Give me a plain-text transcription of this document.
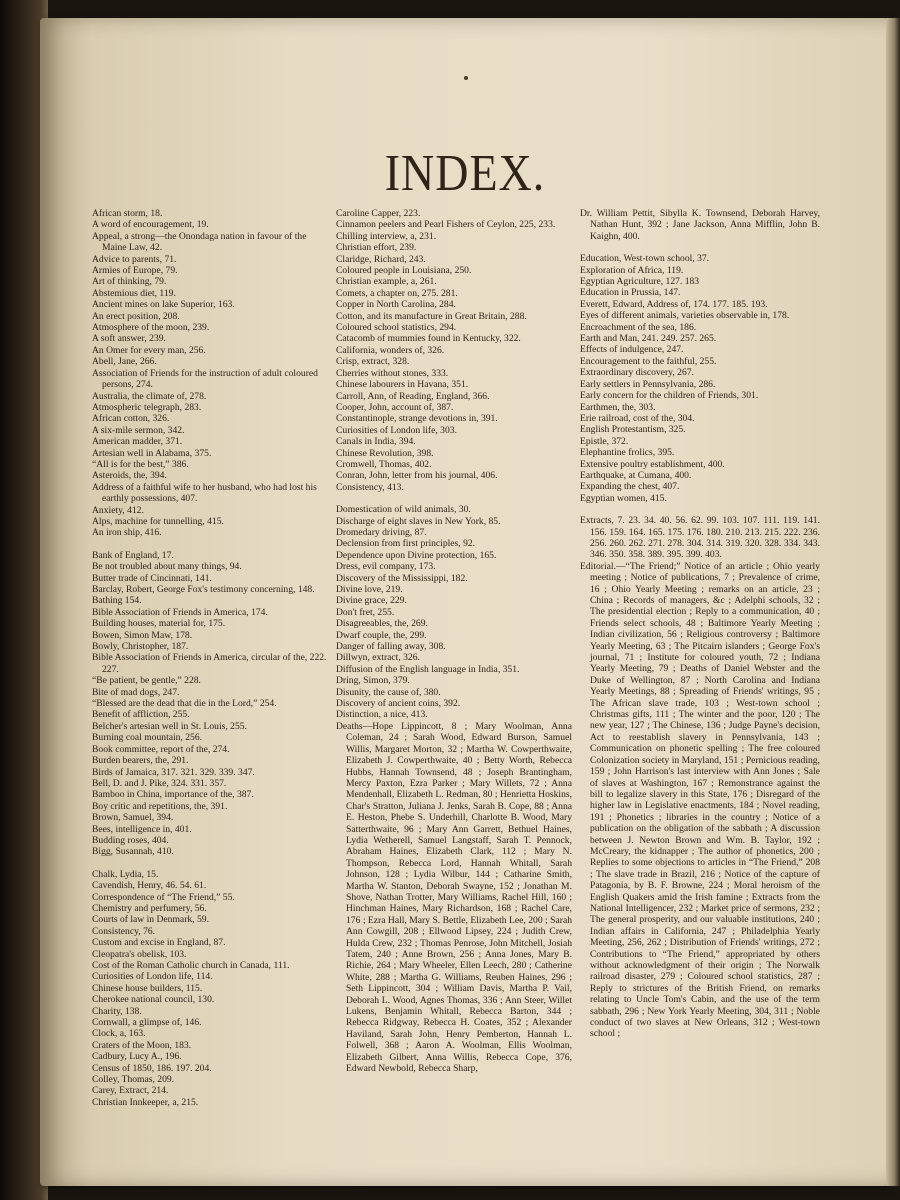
INDEX.

African storm, 18.

A word of encouragement, 19.

Appeal, a strong—the Onondaga nation in favour of the Maine Law, 42.

Advice to parents, 71.

Armies of Europe, 79.

Art of thinking, 79.

Abstemious diet, 119.

Ancient mines on lake Superior, 163.

An erect position, 208.

Atmosphere of the moon, 239.

A soft answer, 239.

An Omer for every man, 256.

Abell, Jane, 266.

Association of Friends for the instruction of adult coloured persons, 274.

Australia, the climate of, 278.

Atmospheric telegraph, 283.

African cotton, 326.

A six-mile sermon, 342.

American madder, 371.

Artesian well in Alabama, 375.

“All is for the best,” 386.

Asteroids, the, 394.

Address of a faithful wife to her husband, who had lost his earthly possessions, 407.

Anxiety, 412.

Alps, machine for tunnelling, 415.

An iron ship, 416.

Bank of England, 17.

Be not troubled about many things, 94.

Butter trade of Cincinnati, 141.

Barclay, Robert, George Fox's testimony concerning, 148.

Bathing 154.

Bible Association of Friends in America, 174.

Building houses, material for, 175.

Bowen, Simon Maw, 178.

Bowly, Christopher, 187.

Bible Association of Friends in America, circular of the, 222. 227.

“Be patient, be gentle,” 228.

Bite of mad dogs, 247.

“Blessed are the dead that die in the Lord,” 254.

Benefit of affliction, 255.

Belcher's artesian well in St. Louis, 255.

Burning coal mountain, 256.

Book committee, report of the, 274.

Burden bearers, the, 291.

Birds of Jamaica, 317. 321. 329. 339. 347.

Bell, D. and J. Pike, 324. 331. 357.

Bamboo in China, importance of the, 387.

Boy critic and repetitions, the, 391.

Brown, Samuel, 394.

Bees, intelligence in, 401.

Budding roses, 404.

Bigg, Susannah, 410.

Chalk, Lydia, 15.

Cavendish, Henry, 46. 54. 61.

Correspondence of “The Friend,” 55.

Chemistry and perfumery, 56.

Courts of law in Denmark, 59.

Consistency, 76.

Custom and excise in England, 87.

Cleopatra's obelisk, 103.

Cost of the Roman Catholic church in Canada, 111.

Curiosities of London life, 114.

Chinese house builders, 115.

Cherokee national council, 130.

Charity, 138.

Cornwall, a glimpse of, 146.

Clock, a, 163.

Craters of the Moon, 183.

Cadbury, Lucy A., 196.

Census of 1850, 186. 197. 204.

Colley, Thomas, 209.

Carey, Extract, 214.

Christian Innkeeper, a, 215.

Caroline Capper, 223.

Cinnamon peelers and Pearl Fishers of Ceylon, 225, 233.

Chilling interview, a, 231.

Christian effort, 239.

Claridge, Richard, 243.

Coloured people in Louisiana, 250.

Christian example, a, 261.

Comets, a chapter on, 275. 281.

Copper in North Carolina, 284.

Cotton, and its manufacture in Great Britain, 288.

Coloured school statistics, 294.

Catacomb of mummies found in Kentucky, 322.

California, wonders of, 326.

Crisp, extract, 328.

Cherries without stones, 333.

Chinese labourers in Havana, 351.

Carroll, Ann, of Reading, England, 366.

Cooper, John, account of, 387.

Constantinople, strange devotions in, 391.

Curiosities of London life, 303.

Canals in India, 394.

Chinese Revolution, 398.

Cromwell, Thomas, 402.

Conran, John, letter from his journal, 406.

Consistency, 413.

Domestication of wild animals, 30.

Discharge of eight slaves in New York, 85.

Dromedary driving, 87.

Declension from first principles, 92.

Dependence upon Divine protection, 165.

Dress, evil company, 173.

Discovery of the Mississippi, 182.

Divine love, 219.

Divine grace, 229.

Don't fret, 255.

Disagreeables, the, 269.

Dwarf couple, the, 299.

Danger of falling away, 308.

Dillwyn, extract, 326.

Diffusion of the English language in India, 351.

Dring, Simon, 379.

Disunity, the cause of, 380.

Discovery of ancient coins, 392.

Distinction, a nice, 413.

Deaths—Hope Lippincott, 8 ; Mary Woolman, Anna Coleman, 24 ; Sarah Wood, Edward Burson, Samuel Willis, Margaret Morton, 32 ; Martha W. Cowperthwaite, Elizabeth J. Cowperthwaite, 40 ; Betty Worth, Rebecca Hubbs, Hannah Townsend, 48 ; Joseph Brantingham, Mercy Paxton, Ezra Parker ; Mary Willets, 72 ; Anna Mendenhall, Elizabeth L. Redman, 80 ; Henrietta Hoskins, Char's Stratton, Juliana J. Jenks, Sarah B. Cope, 88 ; Anna E. Heston, Phebe S. Underhill, Charlotte B. Wood, Mary Satterthwaite, 96 ; Mary Ann Garrett, Bethuel Haines, Lydia Wetherell, Samuel Langstaff, Sarah T. Pennock, Abraham Haines, Elizabeth Clark, 112 ; Mary N. Thompson, Rebecca Lord, Hannah Whitall, Sarah Johnson, 128 ; Lydia Wilbur, 144 ; Catharine Smith, Martha W. Stanton, Deborah Swayne, 152 ; Jonathan M. Shove, Nathan Trotter, Mary Williams, Rachel Hill, 160 ; Hinchman Haines, Mary Richardson, 168 ; Rachel Care, 176 ; Ezra Hall, Mary S. Bettle, Elizabeth Lee, 200 ; Sarah Ann Cowgill, 208 ; Ellwood Lipsey, 224 ; Judith Crew, Hulda Crew, 232 ; Thomas Penrose, John Mitchell, Josiah Tatem, 240 ; Anne Brown, 256 ; Anna Jones, Mary B. Richie, 264 ; Mary Wheeler, Ellen Leech, 280 ; Catherine White, 288 ; Martha G. Williams, Reuben Haines, 296 ; Seth Lippincott, 304 ; William Davis, Martha P. Vail, Deborah L. Wood, Agnes Thomas, 336 ; Ann Steer, Willet Lukens, Benjamin Whitall, Rebecca Barton, 344 ; Rebecca Ridgway, Rebecca H. Coates, 352 ; Alexander Haviland, Sarah John, Henry Pemberton, Hannah L. Folwell, 368 ; Aaron A. Woolman, Ellis Woolman, Elizabeth Gilbert, Anna Willis, Rebecca Cope, 376, Edward Newbold, Rebecca Sharp,

Dr. William Pettit, Sibylla K. Townsend, Deborah Harvey, Nathan Hunt, 392 ; Jane Jackson, Anna Mifflin, John B. Kaighn, 400.

Education, West-town school, 37.

Exploration of Africa, 119.

Egyptian Agriculture, 127. 183

Education in Prussia, 147.

Everett, Edward, Address of, 174. 177. 185. 193.

Eyes of different animals, varieties observable in, 178.

Encroachment of the sea, 186.

Earth and Man, 241. 249. 257. 265.

Effects of indulgence, 247.

Encouragement to the faithful, 255.

Extraordinary discovery, 267.

Early settlers in Pennsylvania, 286.

Early concern for the children of Friends, 301.

Earthmen, the, 303.

Erie railroad, cost of the, 304.

English Protestantism, 325.

Epistle, 372.

Elephantine frolics, 395.

Extensive poultry establishment, 400.

Earthquake, at Cumana, 400.

Expanding the chest, 407.

Egyptian women, 415.

Extracts, 7. 23. 34. 40. 56. 62. 99. 103. 107. 111. 119. 141. 156. 159. 164. 165. 175. 176. 180. 210. 213. 215. 222. 236. 256. 260. 262. 271. 278. 304. 314. 319. 320. 328. 334. 343. 346. 350. 358. 389. 395. 399. 403.

Editorial.—“The Friend;” Notice of an article ; Ohio yearly meeting ; Notice of publications, 7 ; Prevalence of crime, 16 ; Ohio Yearly Meeting ; remarks on an article, 23 ; China ; Records of managers, &c ; Adelphi schools, 32 ; The presidential election ; Reply to a communication, 40 ; Friends select schools, 48 ; Baltimore Yearly Meeting ; Indian civilization, 56 ; Religious controversy ; Baltimore Yearly Meeting, 63 ; The Pitcairn islanders ; George Fox's journal, 71 ; Institute for coloured youth, 72 ; Indiana Yearly Meeting, 79 ; Deaths of Daniel Webster and the Duke of Wellington, 87 ; North Carolina and Indiana Yearly Meetings, 88 ; Spreading of Friends' writings, 95 ; The African slave trade, 103 ; West-town school ; Christmas gifts, 111 ; The winter and the poor, 120 ; The new year, 127 ; The Chinese, 136 ; Judge Payne's decision, Act to reestablish slavery in Pennsylvania, 143 ; Communication on phonetic spelling ; The free coloured Colonization society in Maryland, 151 ; Pernicious reading, 159 ; John Harrison's last interview with Ann Jones ; Sale of slaves at Washington, 167 ; Remonstrance against the bill to legalize slavery in this State, 176 ; Disregard of the higher law in Legislative enactments, 184 ; Novel reading, 191 ; Phonetics ; libraries in the country ; Notice of a publication on the obligation of the sabbath ; A discussion between J. Newton Brown and Wm. B. Taylor, 192 ; McCreary, the kidnapper ; The author of phonetics, 200 ; Replies to some objections to articles in “The Friend,” 208 ; The slave trade in Brazil, 216 ; Notice of the capture of Patagonia, by B. F. Browne, 224 ; Moral heroism of the English Quakers amid the Irish famine ; Extracts from the National Intelligencer, 232 ; Market price of sermons, 232 ; The general prosperity, and our valuable institutions, 240 ; Indian affairs in California, 247 ; Philadelphia Yearly Meeting, 256, 262 ; Distribution of Friends' writings, 272 ; Contributions to “The Friend,” appropriated by others without acknowledgment of their origin ; The Norwalk railroad disaster, 279 ; Coloured school statistics, 287 ; Reply to strictures of the British Friend, on remarks relating to Uncle Tom's Cabin, and the use of the term sabbath, 296 ; New York Yearly Meeting, 304, 311 ; Noble conduct of two slaves at New Orleans, 312 ; West-town school ;
